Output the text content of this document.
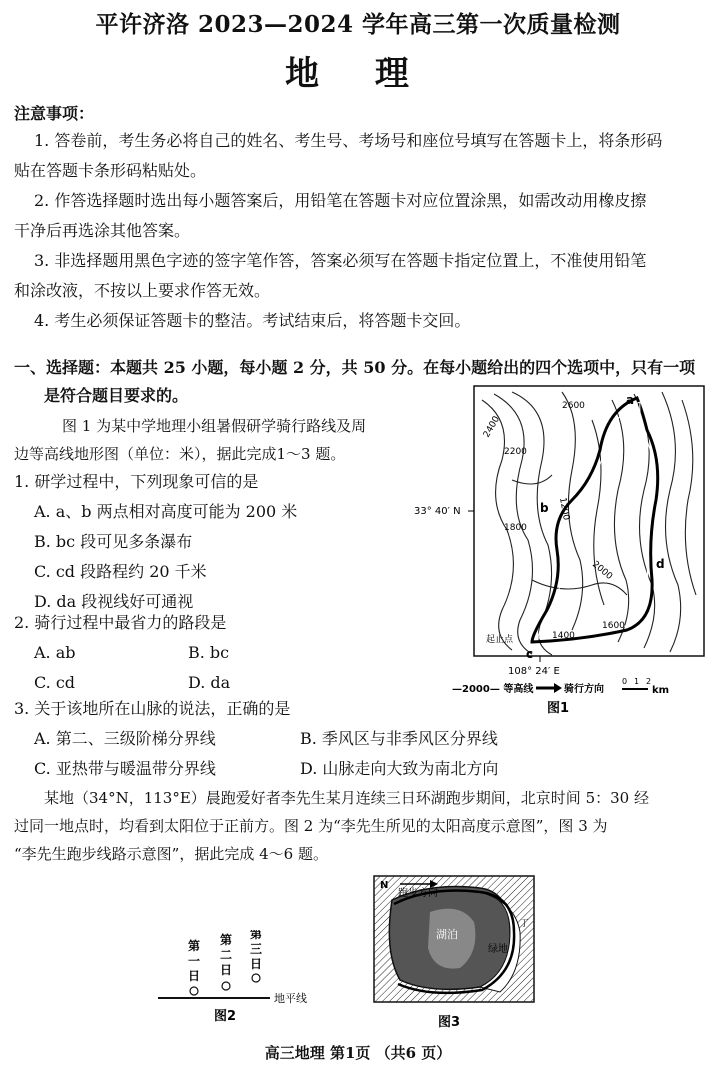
平许济洛 2023—2024 学年高三第一次质量检测
地 理
注意事项：
1. 答卷前，考生务必将自己的姓名、考生号、考场号和座位号填写在答题卡上，将条形码
贴在答题卡条形码粘贴处。
2. 作答选择题时选出每小题答案后，用铅笔在答题卡对应位置涂黑，如需改动用橡皮擦
干净后再选涂其他答案。
3. 非选择题用黑色字迹的签字笔作答，答案必须写在答题卡指定位置上，不准使用铅笔
和涂改液，不按以上要求作答无效。
4. 考生必须保证答题卡的整洁。考试结束后，将答题卡交回。
一、选择题：本题共 25 小题，每小题 2 分，共 50 分。在每小题给出的四个选项中，只有一项
是符合题目要求的。
图 1 为某中学地理小组暑假研学骑行路线及周
边等高线地形图（单位：米），据此完成1～3 题。
1. 研学过程中，下列现象可信的是
A. a、b 两点相对高度可能为 200 米
B. bc 段可见多条瀑布
C. cd 段路程约 20 千米
D. da 段视线好可通视
2. 骑行过程中最省力的路段是
A. ab	B. bc
C. cd	D. da
3. 关于该地所在山脉的说法，正确的是
A. 第二、三级阶梯分界线	B. 季风区与非季风区分界线
C. 亚热带与暖温带分界线	D. 山脉走向大致为南北方向
某地（34°N，113°E）晨跑爱好者李先生某月连续三日环湖跑步期间，北京时间 5：30 经
过同一地点时，均看到太阳位于正前方。图 2 为“李先生所见的太阳高度示意图”，图 3 为
“李先生跑步线路示意图”，据此完成 4～6 题。
a
b
c
d
起止点
2600
2400
2200
2000
1800
1600
1400
1200
33° 40′ N
108° 24′ E
—2000— 等高线	骑行方向
0 1 2
km
图1
第
一
日
第
二
日
第
三
日
地平线
图2
N
跑步方向
湖泊
绿地
丁
图3
高三地理 第1页 （共6 页）
